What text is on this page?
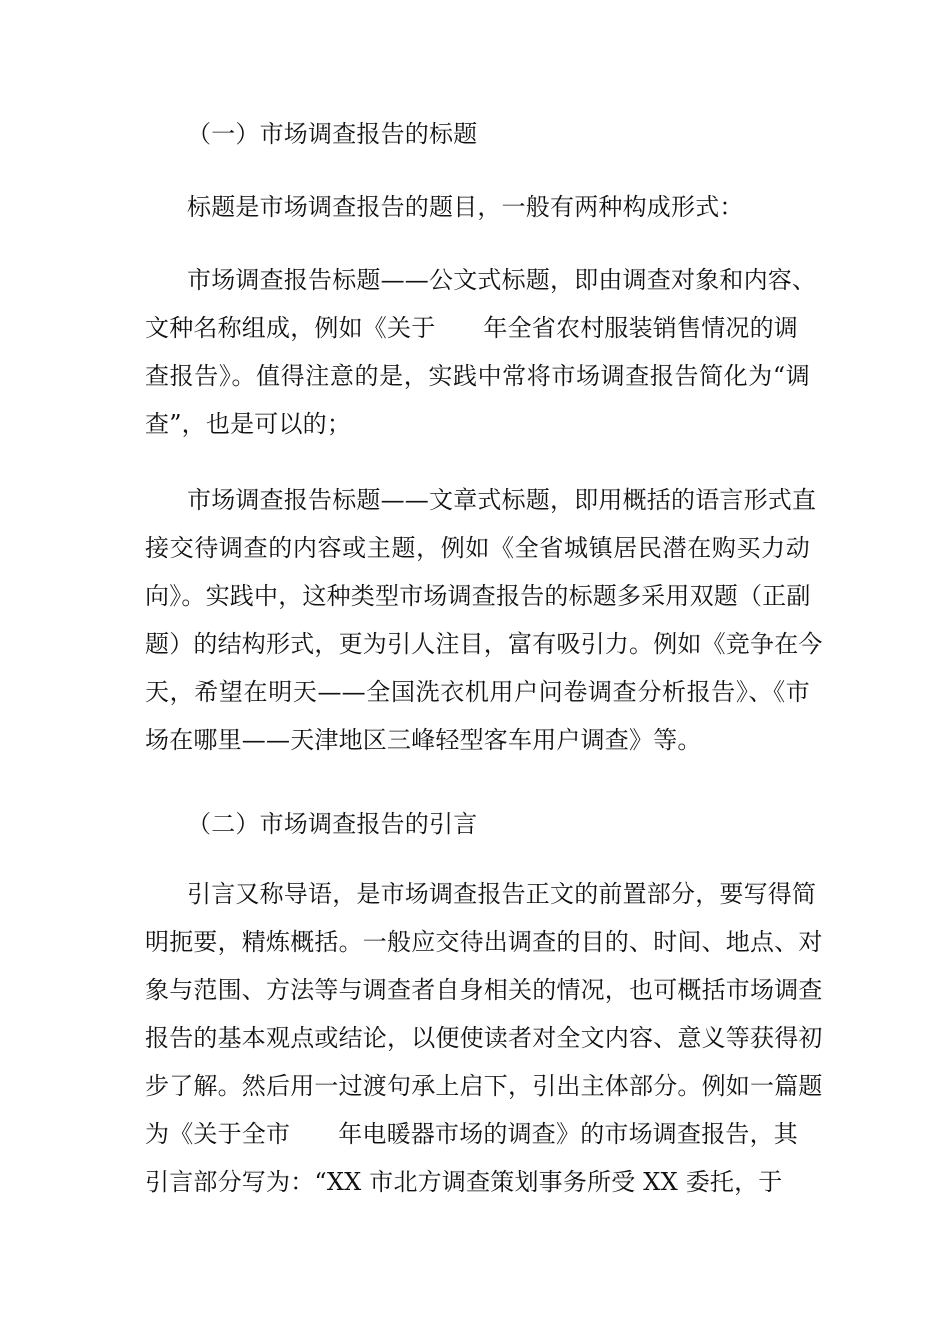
（一）市场调查报告的标题
标题是市场调查报告的题目，一般有两种构成形式：
市场调查报告标题——公文式标题，即由调查对象和内容、
文种名称组成，例如《关于 年全省农村服装销售情况的调
查报告》。值得注意的是，实践中常将市场调查报告简化为“调
查”，也是可以的；
市场调查报告标题——文章式标题，即用概括的语言形式直
接交待调查的内容或主题，例如《全省城镇居民潜在购买力动
向》。实践中，这种类型市场调查报告的标题多采用双题（正副
题）的结构形式，更为引人注目，富有吸引力。例如《竞争在今
天，希望在明天——全国洗衣机用户问卷调查分析报告》、《市
场在哪里——天津地区三峰轻型客车用户调查》等。
（二）市场调查报告的引言
引言又称导语，是市场调查报告正文的前置部分，要写得简
明扼要，精炼概括。一般应交待出调查的目的、时间、地点、对
象与范围、方法等与调查者自身相关的情况，也可概括市场调查
报告的基本观点或结论，以便使读者对全文内容、意义等获得初
步了解。然后用一过渡句承上启下，引出主体部分。例如一篇题
为《关于全市 年电暖器市场的调查》的市场调查报告，其
引言部分写为：“XX 市北方调查策划事务所受 XX 委托，于
